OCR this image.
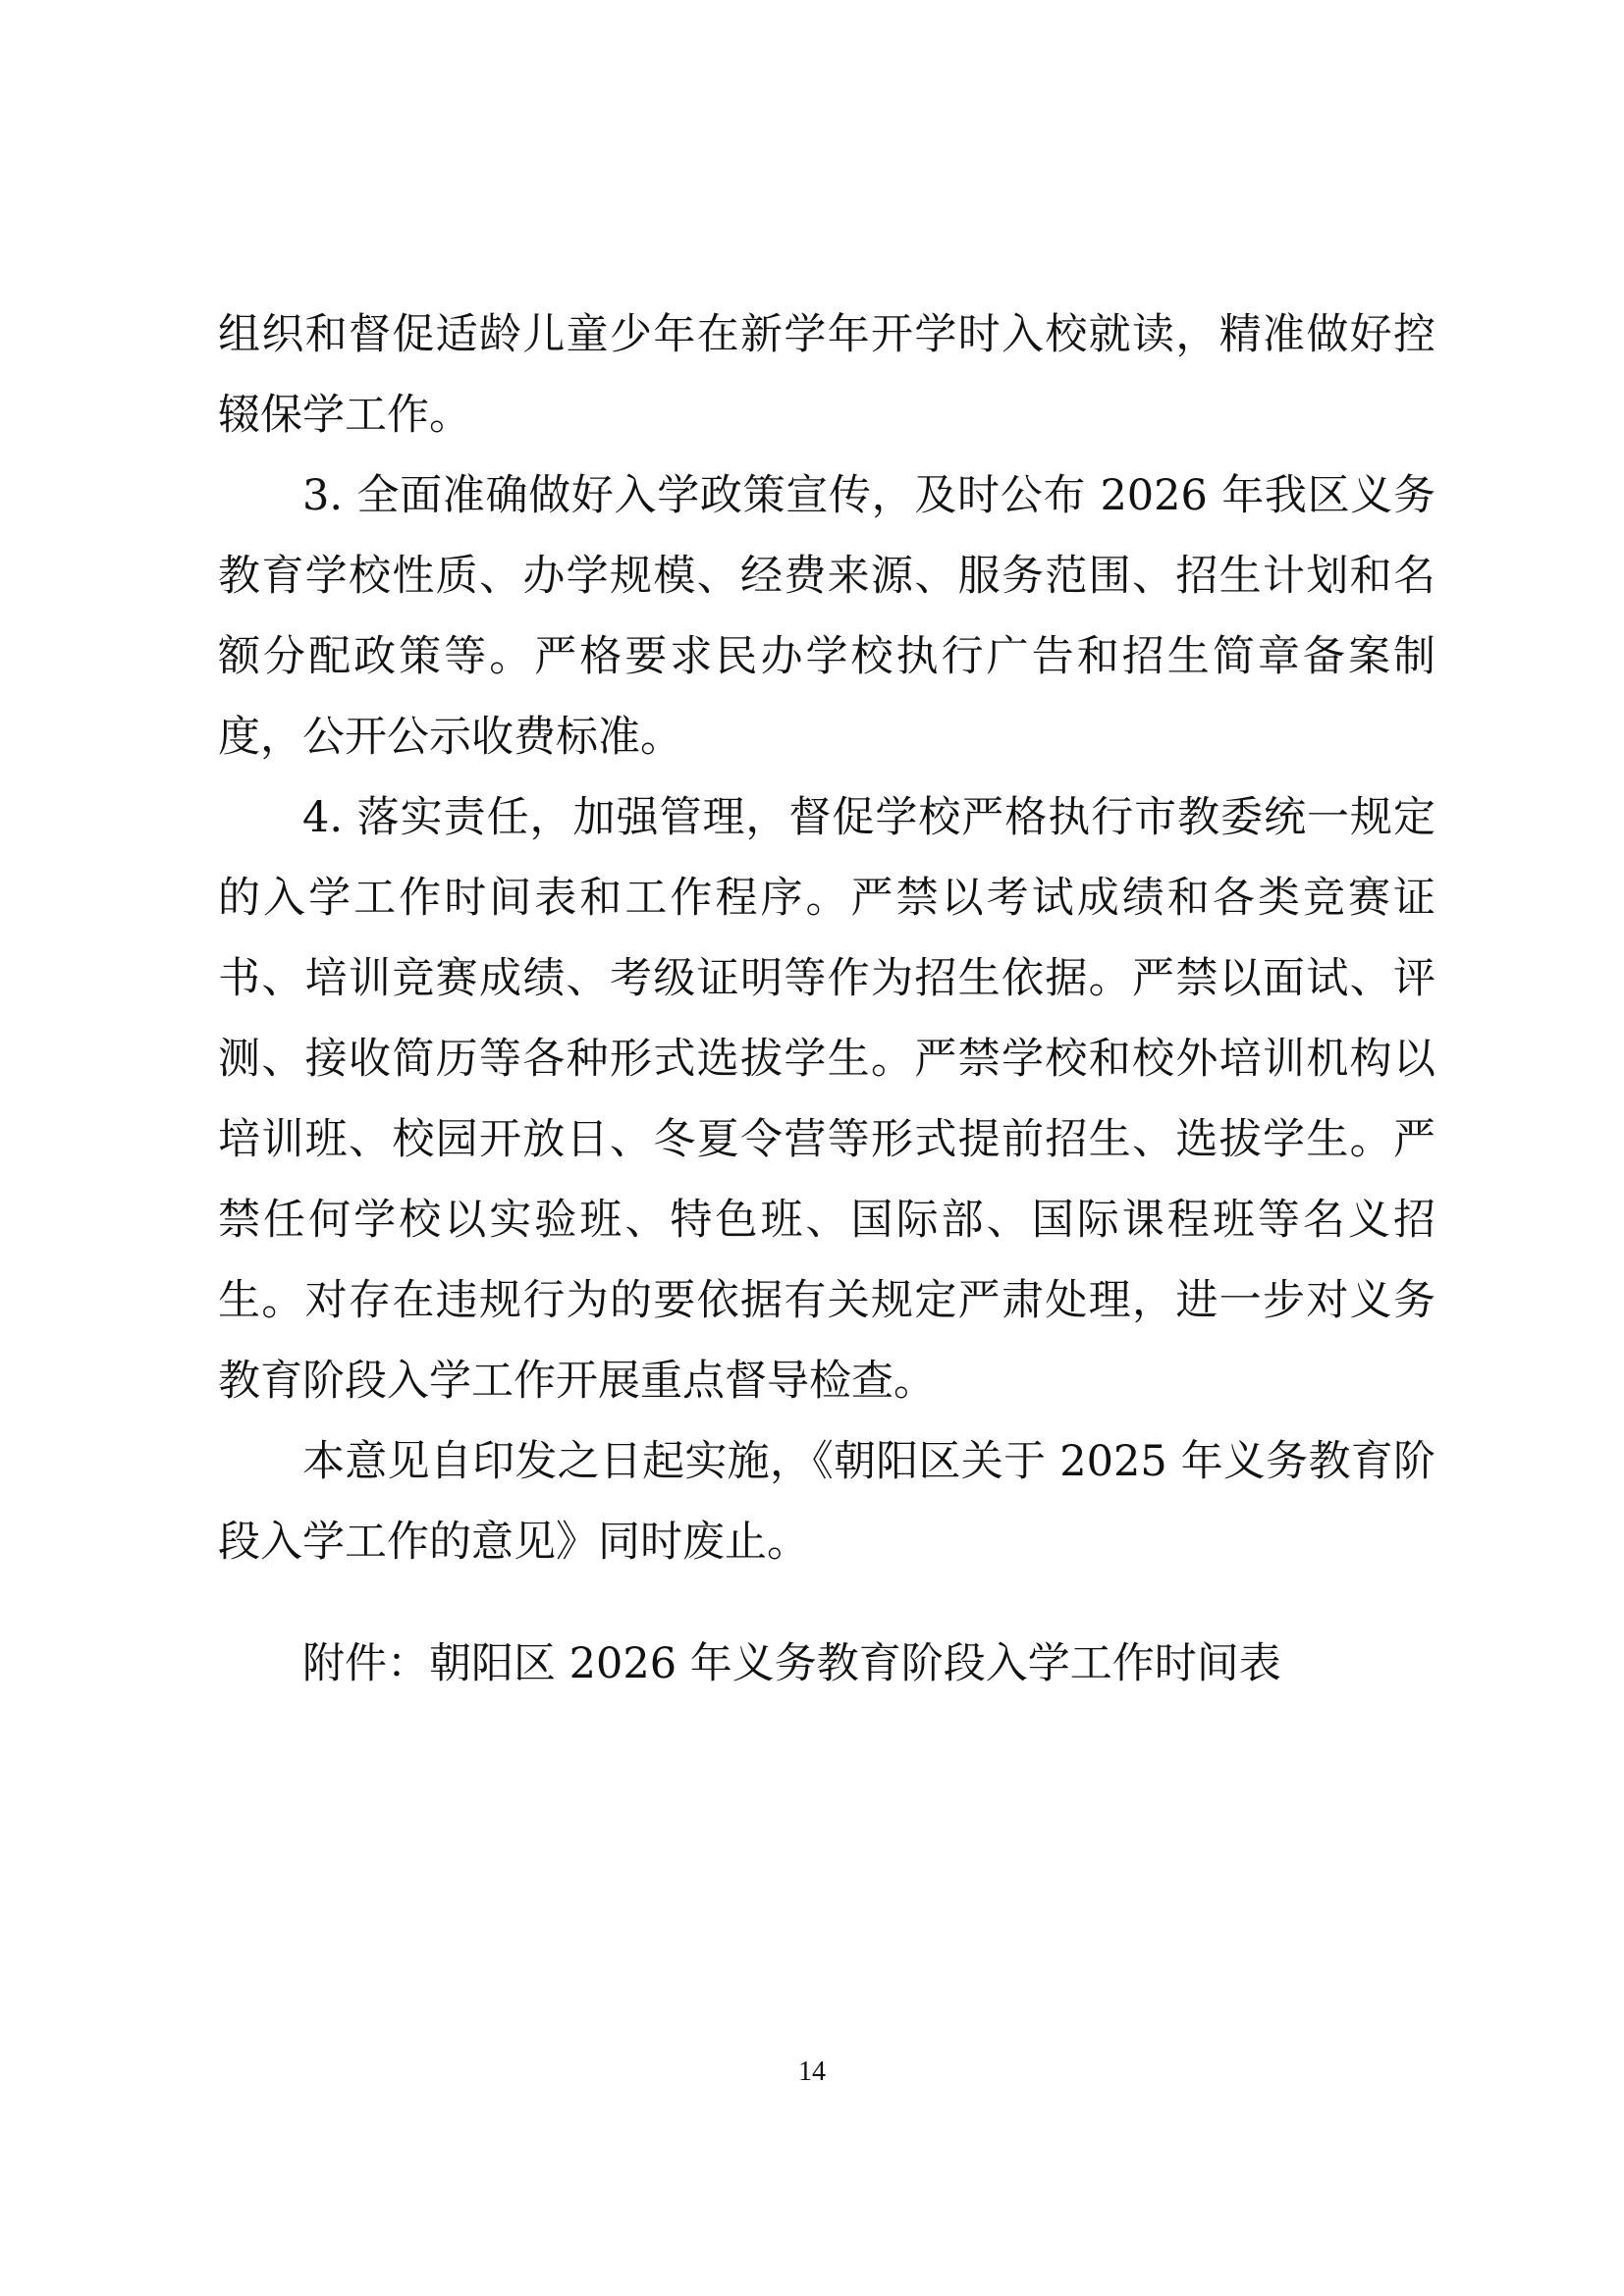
组织和督促适龄儿童少年在新学年开学时入校就读，精准做好控辍保学工作。

3. 全面准确做好入学政策宣传，及时公布 2026 年我区义务教育学校性质、办学规模、经费来源、服务范围、招生计划和名额分配政策等。严格要求民办学校执行广告和招生简章备案制度，公开公示收费标准。

4. 落实责任，加强管理，督促学校严格执行市教委统一规定的入学工作时间表和工作程序。严禁以考试成绩和各类竞赛证书、培训竞赛成绩、考级证明等作为招生依据。严禁以面试、评测、接收简历等各种形式选拔学生。严禁学校和校外培训机构以培训班、校园开放日、冬夏令营等形式提前招生、选拔学生。严禁任何学校以实验班、特色班、国际部、国际课程班等名义招生。对存在违规行为的要依据有关规定严肃处理，进一步对义务教育阶段入学工作开展重点督导检查。

本意见自印发之日起实施，《朝阳区关于 2025 年义务教育阶段入学工作的意见》同时废止。

附件：朝阳区 2026 年义务教育阶段入学工作时间表

14
